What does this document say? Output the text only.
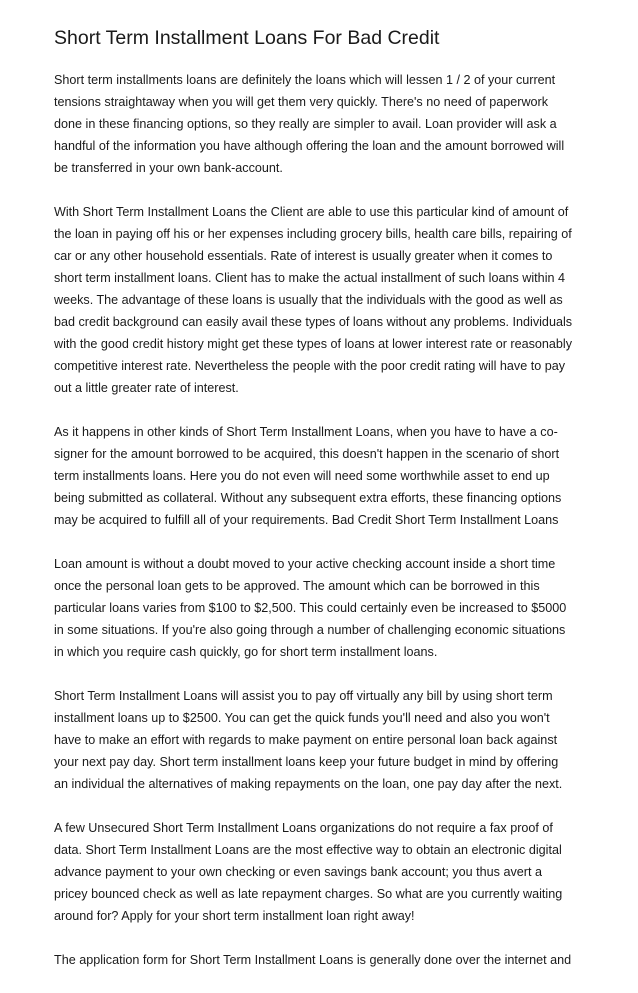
Short Term Installment Loans For Bad Credit

Short term installments loans are definitely the loans which will lessen 1 / 2 of your current
tensions straightaway when you will get them very quickly. There's no need of paperwork
done in these financing options, so they really are simpler to avail. Loan provider will ask a
handful of the information you have although offering the loan and the amount borrowed will
be transferred in your own bank-account.

With Short Term Installment Loans the Client are able to use this particular kind of amount of
the loan in paying off his or her expenses including grocery bills, health care bills, repairing of
car or any other household essentials. Rate of interest is usually greater when it comes to
short term installment loans. Client has to make the actual installment of such loans within 4
weeks. The advantage of these loans is usually that the individuals with the good as well as
bad credit background can easily avail these types of loans without any problems. Individuals
with the good credit history might get these types of loans at lower interest rate or reasonably
competitive interest rate. Nevertheless the people with the poor credit rating will have to pay
out a little greater rate of interest.

As it happens in other kinds of Short Term Installment Loans, when you have to have a co-
signer for the amount borrowed to be acquired, this doesn't happen in the scenario of short
term installments loans. Here you do not even will need some worthwhile asset to end up
being submitted as collateral. Without any subsequent extra efforts, these financing options
may be acquired to fulfill all of your requirements. Bad Credit Short Term Installment Loans

Loan amount is without a doubt moved to your active checking account inside a short time
once the personal loan gets to be approved. The amount which can be borrowed in this
particular loans varies from $100 to $2,500. This could certainly even be increased to $5000
in some situations. If you're also going through a number of challenging economic situations
in which you require cash quickly, go for short term installment loans.

Short Term Installment Loans will assist you to pay off virtually any bill by using short term
installment loans up to $2500. You can get the quick funds you'll need and also you won't
have to make an effort with regards to make payment on entire personal loan back against
your next pay day. Short term installment loans keep your future budget in mind by offering
an individual the alternatives of making repayments on the loan, one pay day after the next.

A few Unsecured Short Term Installment Loans organizations do not require a fax proof of
data. Short Term Installment Loans are the most effective way to obtain an electronic digital
advance payment to your own checking or even savings bank account; you thus avert a
pricey bounced check as well as late repayment charges. So what are you currently waiting
around for? Apply for your short term installment loan right away!

The application form for Short Term Installment Loans is generally done over the internet and
